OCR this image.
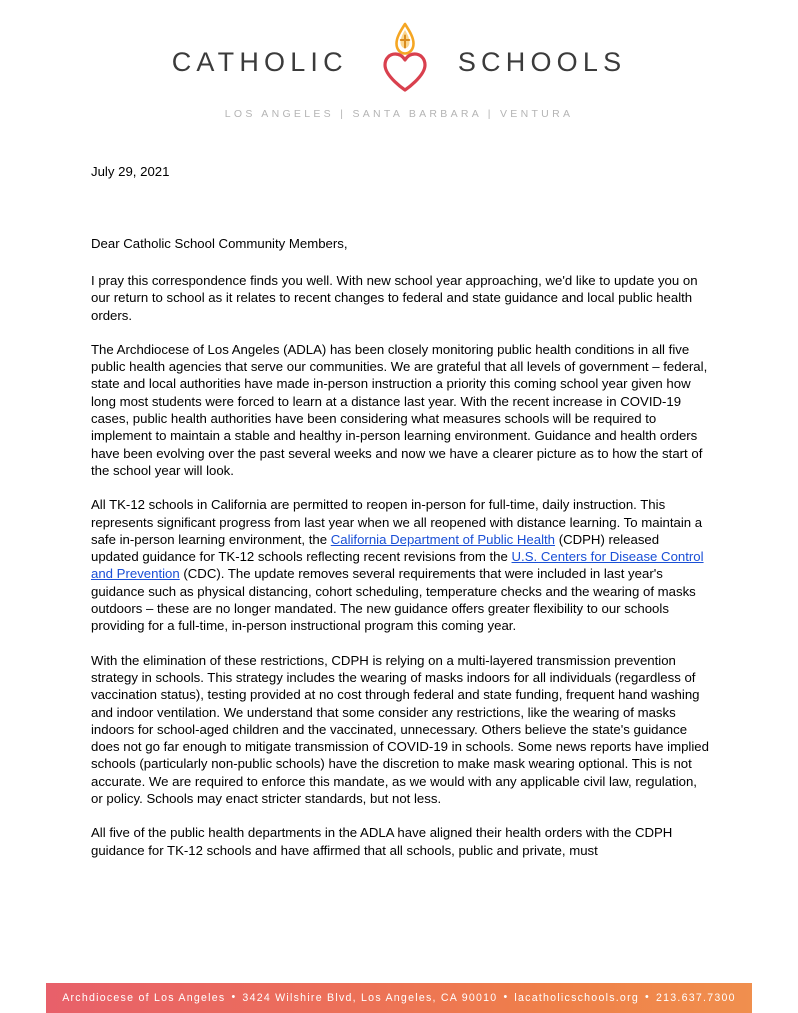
CATHOLIC	SCHOOLS
LOS ANGELES | SANTA BARBARA | VENTURA
July 29, 2021
Dear Catholic School Community Members,

I pray this correspondence finds you well. With new school year approaching, we'd like to update you on our return to school as it relates to recent changes to federal and state guidance and local public health orders.

The Archdiocese of Los Angeles (ADLA) has been closely monitoring public health conditions in all five public health agencies that serve our communities. We are grateful that all levels of government – federal, state and local authorities have made in-person instruction a priority this coming school year given how long most students were forced to learn at a distance last year. With the recent increase in COVID-19 cases, public health authorities have been considering what measures schools will be required to implement to maintain a stable and healthy in-person learning environment. Guidance and health orders have been evolving over the past several weeks and now we have a clearer picture as to how the start of the school year will look.

All TK-12 schools in California are permitted to reopen in-person for full-time, daily instruction. This represents significant progress from last year when we all reopened with distance learning. To maintain a safe in-person learning environment, the California Department of Public Health (CDPH) released updated guidance for TK-12 schools reflecting recent revisions from the U.S. Centers for Disease Control and Prevention (CDC). The update removes several requirements that were included in last year's guidance such as physical distancing, cohort scheduling, temperature checks and the wearing of masks outdoors – these are no longer mandated. The new guidance offers greater flexibility to our schools providing for a full-time, in-person instructional program this coming year.

With the elimination of these restrictions, CDPH is relying on a multi-layered transmission prevention strategy in schools. This strategy includes the wearing of masks indoors for all individuals (regardless of vaccination status), testing provided at no cost through federal and state funding, frequent hand washing and indoor ventilation. We understand that some consider any restrictions, like the wearing of masks indoors for school-aged children and the vaccinated, unnecessary. Others believe the state's guidance does not go far enough to mitigate transmission of COVID-19 in schools. Some news reports have implied schools (particularly non-public schools) have the discretion to make mask wearing optional. This is not accurate. We are required to enforce this mandate, as we would with any applicable civil law, regulation, or policy. Schools may enact stricter standards, but not less.

All five of the public health departments in the ADLA have aligned their health orders with the CDPH guidance for TK-12 schools and have affirmed that all schools, public and private, must

Archdiocese of Los Angeles • 3424 Wilshire Blvd, Los Angeles, CA 90010 • lacatholicschools.org • 213.637.7300
